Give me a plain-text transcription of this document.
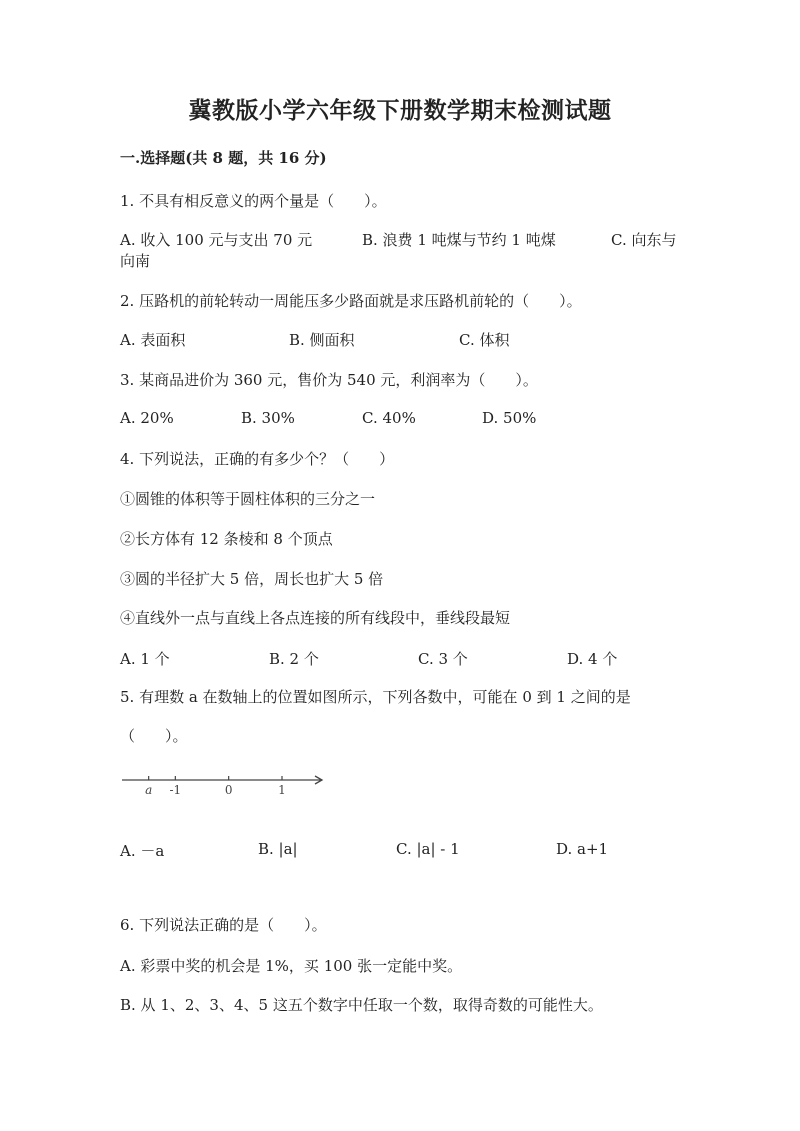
冀教版小学六年级下册数学期末检测试题
一.选择题(共 8 题，共 16 分)
1. 不具有相反意义的两个量是（　　）。
A. 收入 100 元与支出 70 元	B. 浪费 1 吨煤与节约 1 吨煤	C. 向东与
向南
2. 压路机的前轮转动一周能压多少路面就是求压路机前轮的（　　）。
A. 表面积	B. 侧面积	C. 体积
3. 某商品进价为 360 元，售价为 540 元，利润率为（　　）。
A. 20%	B. 30%	C. 40%	D. 50%
4. 下列说法，正确的有多少个？（　　）
①圆锥的体积等于圆柱体积的三分之一
②长方体有 12 条棱和 8 个顶点
③圆的半径扩大 5 倍，周长也扩大 5 倍
④直线外一点与直线上各点连接的所有线段中，垂线段最短
A. 1 个	B. 2 个	C. 3 个	D. 4 个
5. 有理数 a 在数轴上的位置如图所示，下列各数中，可能在 0 到 1 之间的是
（　　）。
a -1	0	1
A. －a	B. |a|	C. |a| - 1	D. a+1
6. 下列说法正确的是（　　）。
A. 彩票中奖的机会是 1%，买 100 张一定能中奖。
B. 从 1、2、3、4、5 这五个数字中任取一个数，取得奇数的可能性大。
